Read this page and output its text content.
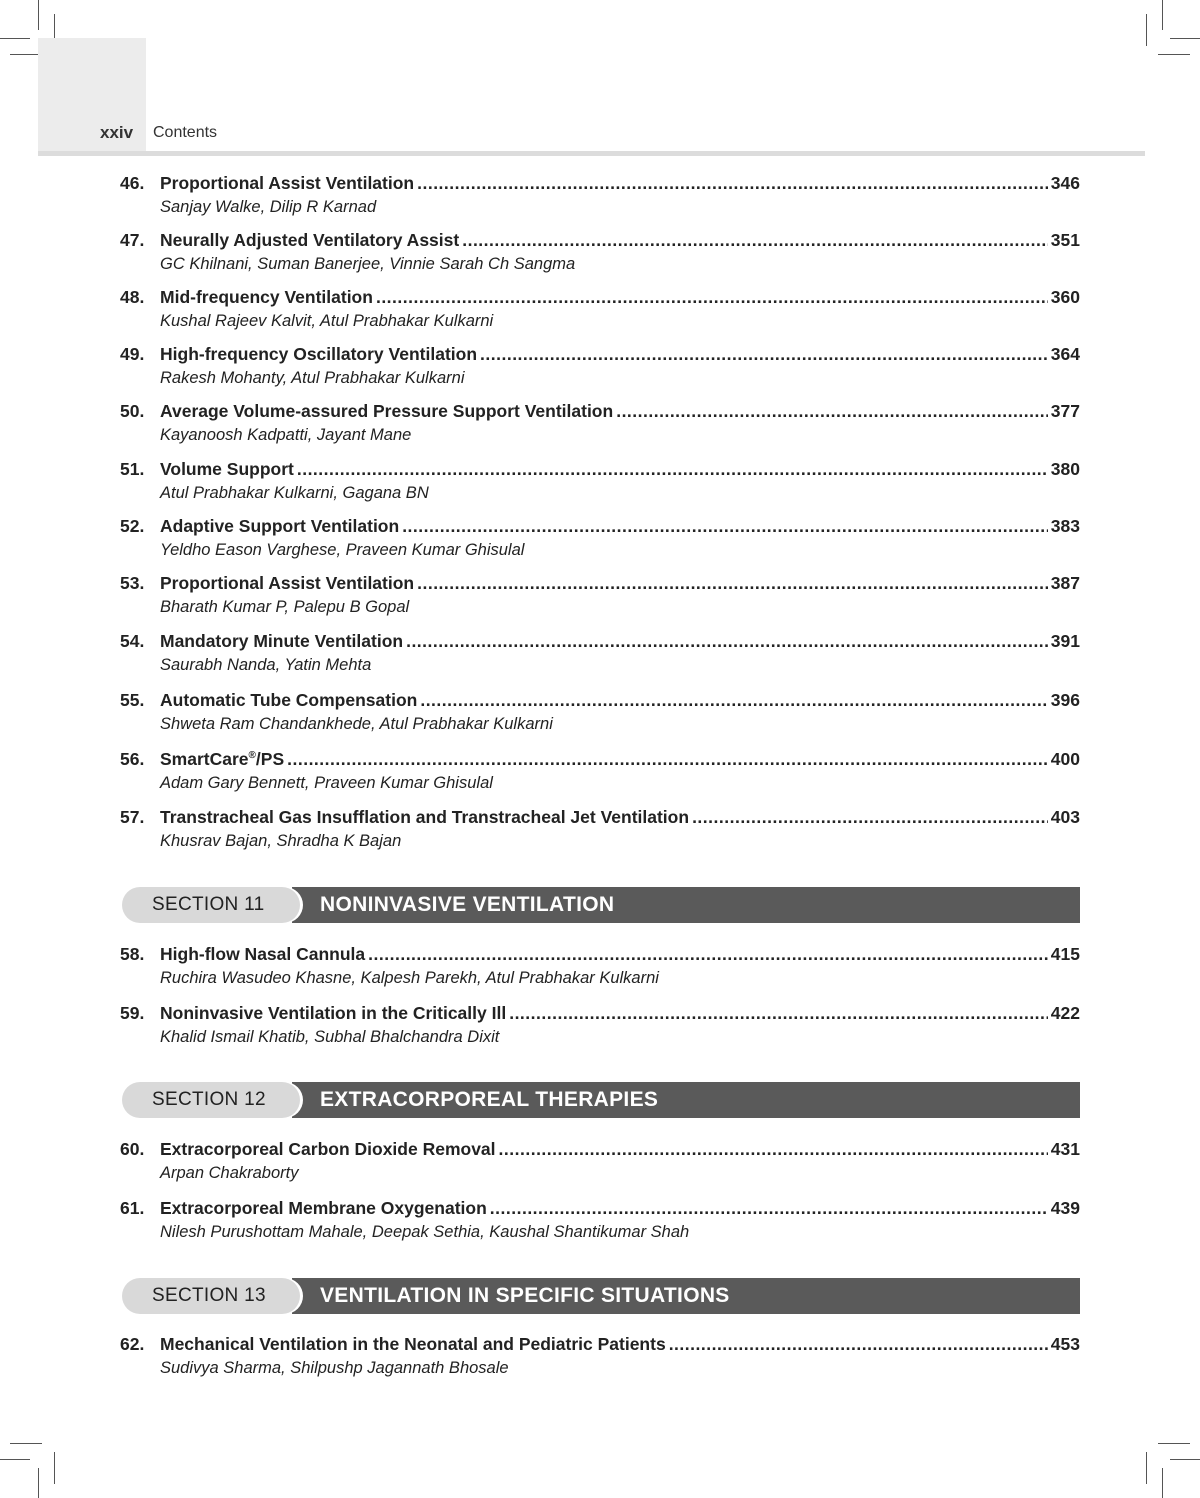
xxiv Contents
46. Proportional Assist Ventilation .....	346
Sanjay Walke, Dilip R Karnad
47. Neurally Adjusted Ventilatory Assist .....	351
GC Khilnani, Suman Banerjee, Vinnie Sarah Ch Sangma
48. Mid-frequency Ventilation .....	360
Kushal Rajeev Kalvit, Atul Prabhakar Kulkarni
49. High-frequency Oscillatory Ventilation .....	364
Rakesh Mohanty, Atul Prabhakar Kulkarni
50. Average Volume-assured Pressure Support Ventilation .....	377
Kayanoosh Kadpatti, Jayant Mane
51. Volume Support .....	380
Atul Prabhakar Kulkarni, Gagana BN
52. Adaptive Support Ventilation .....	383
Yeldho Eason Varghese, Praveen Kumar Ghisulal
53. Proportional Assist Ventilation .....	387
Bharath Kumar P, Palepu B Gopal
54. Mandatory Minute Ventilation .....	391
Saurabh Nanda, Yatin Mehta
55. Automatic Tube Compensation .....	396
Shweta Ram Chandankhede, Atul Prabhakar Kulkarni
56. SmartCare®/PS .....	400
Adam Gary Bennett, Praveen Kumar Ghisulal
57. Transtracheal Gas Insufflation and Transtracheal Jet Ventilation .....	403
Khusrav Bajan, Shradha K Bajan
SECTION 11	NONINVASIVE VENTILATION
58. High-flow Nasal Cannula .....	415
Ruchira Wasudeo Khasne, Kalpesh Parekh, Atul Prabhakar Kulkarni
59. Noninvasive Ventilation in the Critically Ill .....	422
Khalid Ismail Khatib, Subhal Bhalchandra Dixit
SECTION 12	EXTRACORPOREAL THERAPIES
60. Extracorporeal Carbon Dioxide Removal .....	431
Arpan Chakraborty
61. Extracorporeal Membrane Oxygenation .....	439
Nilesh Purushottam Mahale, Deepak Sethia, Kaushal Shantikumar Shah
SECTION 13	VENTILATION IN SPECIFIC SITUATIONS
62. Mechanical Ventilation in the Neonatal and Pediatric Patients .....	453
Sudivya Sharma, Shilpushp Jagannath Bhosale
